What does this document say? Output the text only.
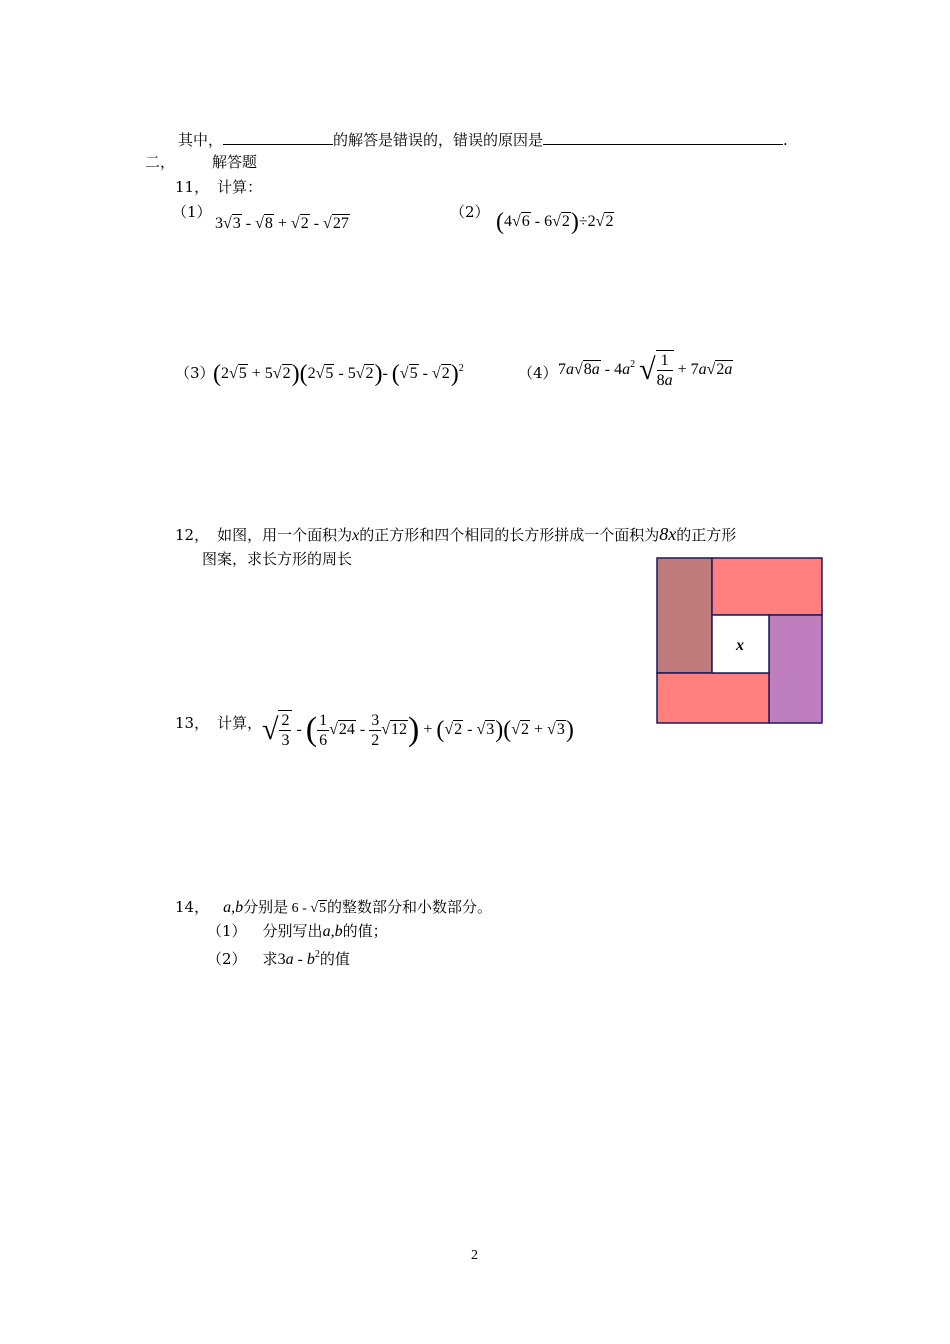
其中，	的解答是错误的，错误的原因是	.
二， 解答题
11， 计算：
（1）
3√3 - √8 + √2 - √27
（2） (4√6 - 6√2)÷2√2
（3）
(2√5 + 5√2)(2√5 - 5√2)- (√5 - √2)$^2$	（4） $7a√8a - 4a^2$ √ $\frac{1}{8a} + 7a√2a$
12， 如图，用一个面积为x的正方形和四个相同的长方形拼成一个面积为8x的正方形
图案，求长方形的周长
x
13， 计算， √ $\frac{2}{3}$ - ( $\frac{1}{6} √24 - \frac{3}{2} √12) + (√2 - √3)(√2 + √3)$
14， a,b分别是 6 - √5的整数部分和小数部分。
（1） 分别写出a,b的值；
（2） 求$3a - b^2$的值
2
